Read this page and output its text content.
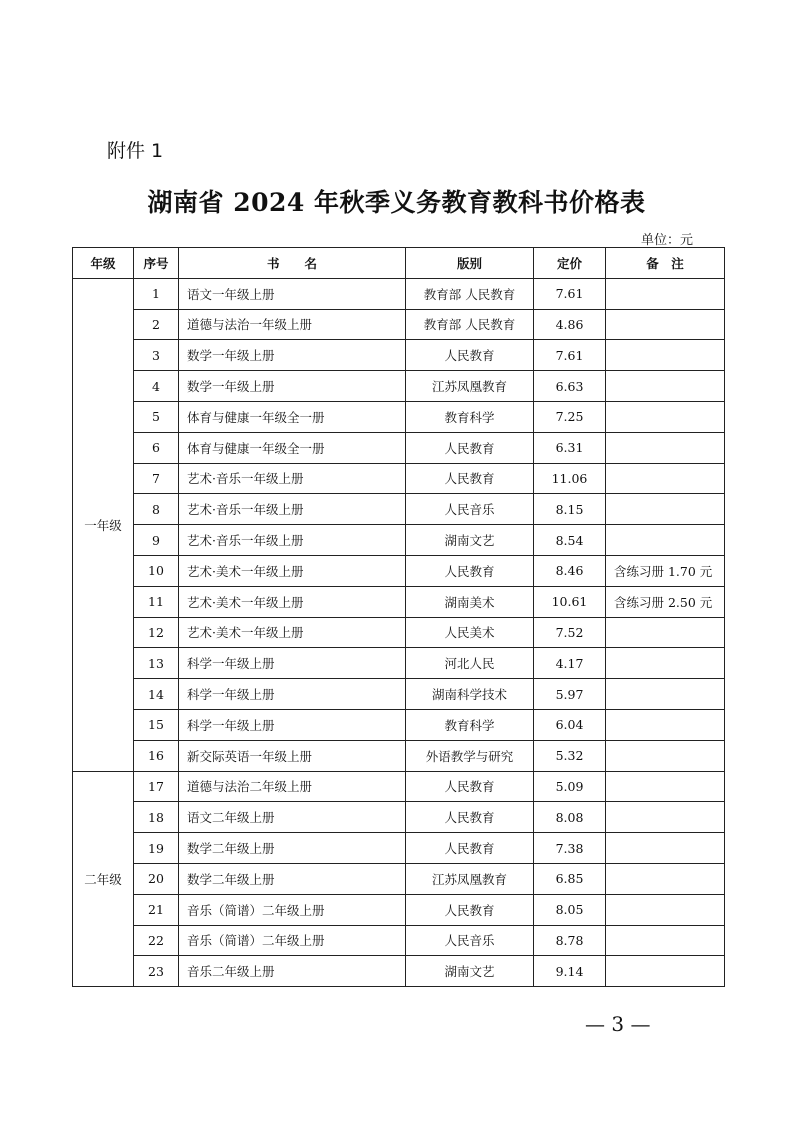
附件 1
湖南省 2024 年秋季义务教育教科书价格表
单位：元
年级	序号	书　　名	版别	定价	备　注
一年级	1	语文一年级上册	教育部 人民教育	7.61	
	2	道德与法治一年级上册	教育部 人民教育	4.86	
	3	数学一年级上册	人民教育	7.61	
	4	数学一年级上册	江苏凤凰教育	6.63	
	5	体育与健康一年级全一册	教育科学	7.25	
	6	体育与健康一年级全一册	人民教育	6.31	
	7	艺术·音乐一年级上册	人民教育	11.06	
	8	艺术·音乐一年级上册	人民音乐	8.15	
	9	艺术·音乐一年级上册	湖南文艺	8.54	
	10	艺术·美术一年级上册	人民教育	8.46	含练习册 1.70 元
	11	艺术·美术一年级上册	湖南美术	10.61	含练习册 2.50 元
	12	艺术·美术一年级上册	人民美术	7.52	
	13	科学一年级上册	河北人民	4.17	
	14	科学一年级上册	湖南科学技术	5.97	
	15	科学一年级上册	教育科学	6.04	
	16	新交际英语一年级上册	外语教学与研究	5.32	
二年级	17	道德与法治二年级上册	人民教育	5.09	
	18	语文二年级上册	人民教育	8.08	
	19	数学二年级上册	人民教育	7.38	
	20	数学二年级上册	江苏凤凰教育	6.85	
	21	音乐（简谱）二年级上册	人民教育	8.05	
	22	音乐（简谱）二年级上册	人民音乐	8.78	
	23	音乐二年级上册	湖南文艺	9.14	
— 3 —
